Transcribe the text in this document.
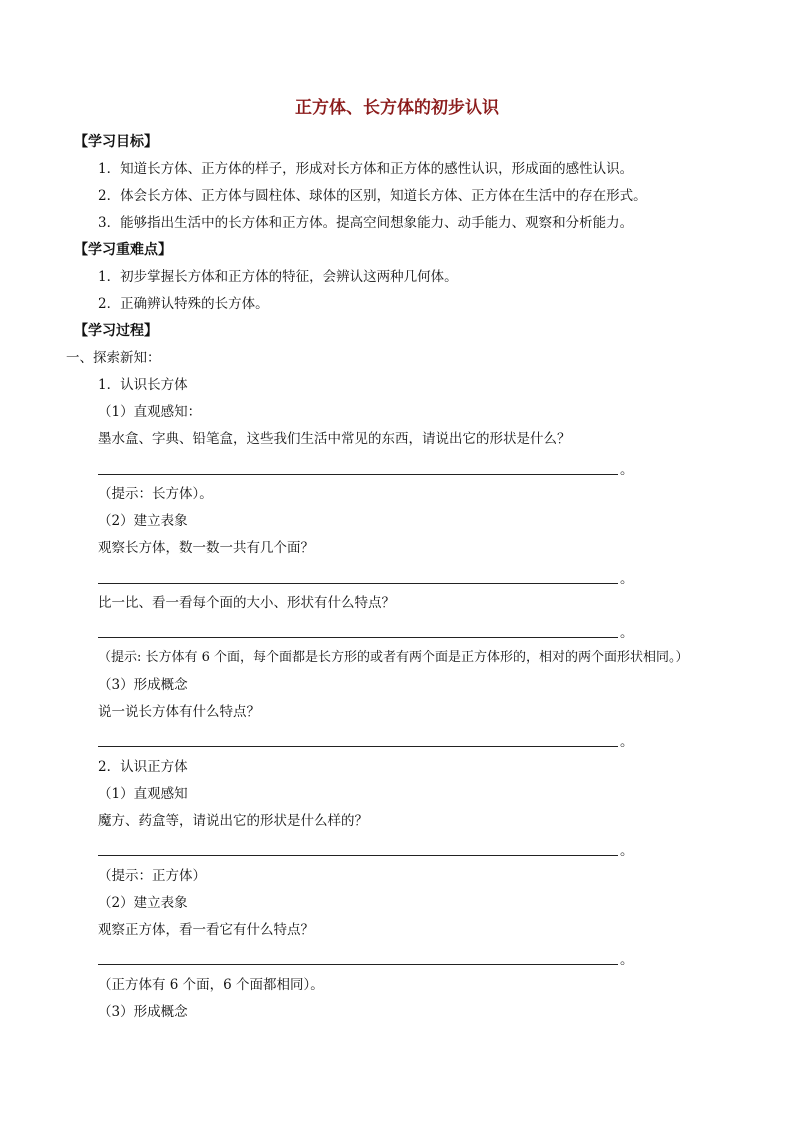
正方体、长方体的初步认识
【学习目标】
1．知道长方体、正方体的样子，形成对长方体和正方体的感性认识，形成面的感性认识。
2．体会长方体、正方体与圆柱体、球体的区别，知道长方体、正方体在生活中的存在形式。
3．能够指出生活中的长方体和正方体。提高空间想象能力、动手能力、观察和分析能力。
【学习重难点】
1．初步掌握长方体和正方体的特征，会辨认这两种几何体。
2．正确辨认特殊的长方体。
【学习过程】
一、探索新知：
1．认识长方体
（1）直观感知：
墨水盒、字典、铅笔盒，这些我们生活中常见的东西，请说出它的形状是什么？
。
（提示：长方体）。
（2）建立表象
观察长方体，数一数一共有几个面？
。
比一比、看一看每个面的大小、形状有什么特点？
。
（提示: 长方体有 6 个面，每个面都是长方形的或者有两个面是正方体形的，相对的两个面形状相同。）
（3）形成概念
说一说长方体有什么特点？
。
2．认识正方体
（1）直观感知
魔方、药盒等，请说出它的形状是什么样的？
。
（提示：正方体）
（2）建立表象
观察正方体，看一看它有什么特点？
。
（正方体有 6 个面，6 个面都相同）。
（3）形成概念
